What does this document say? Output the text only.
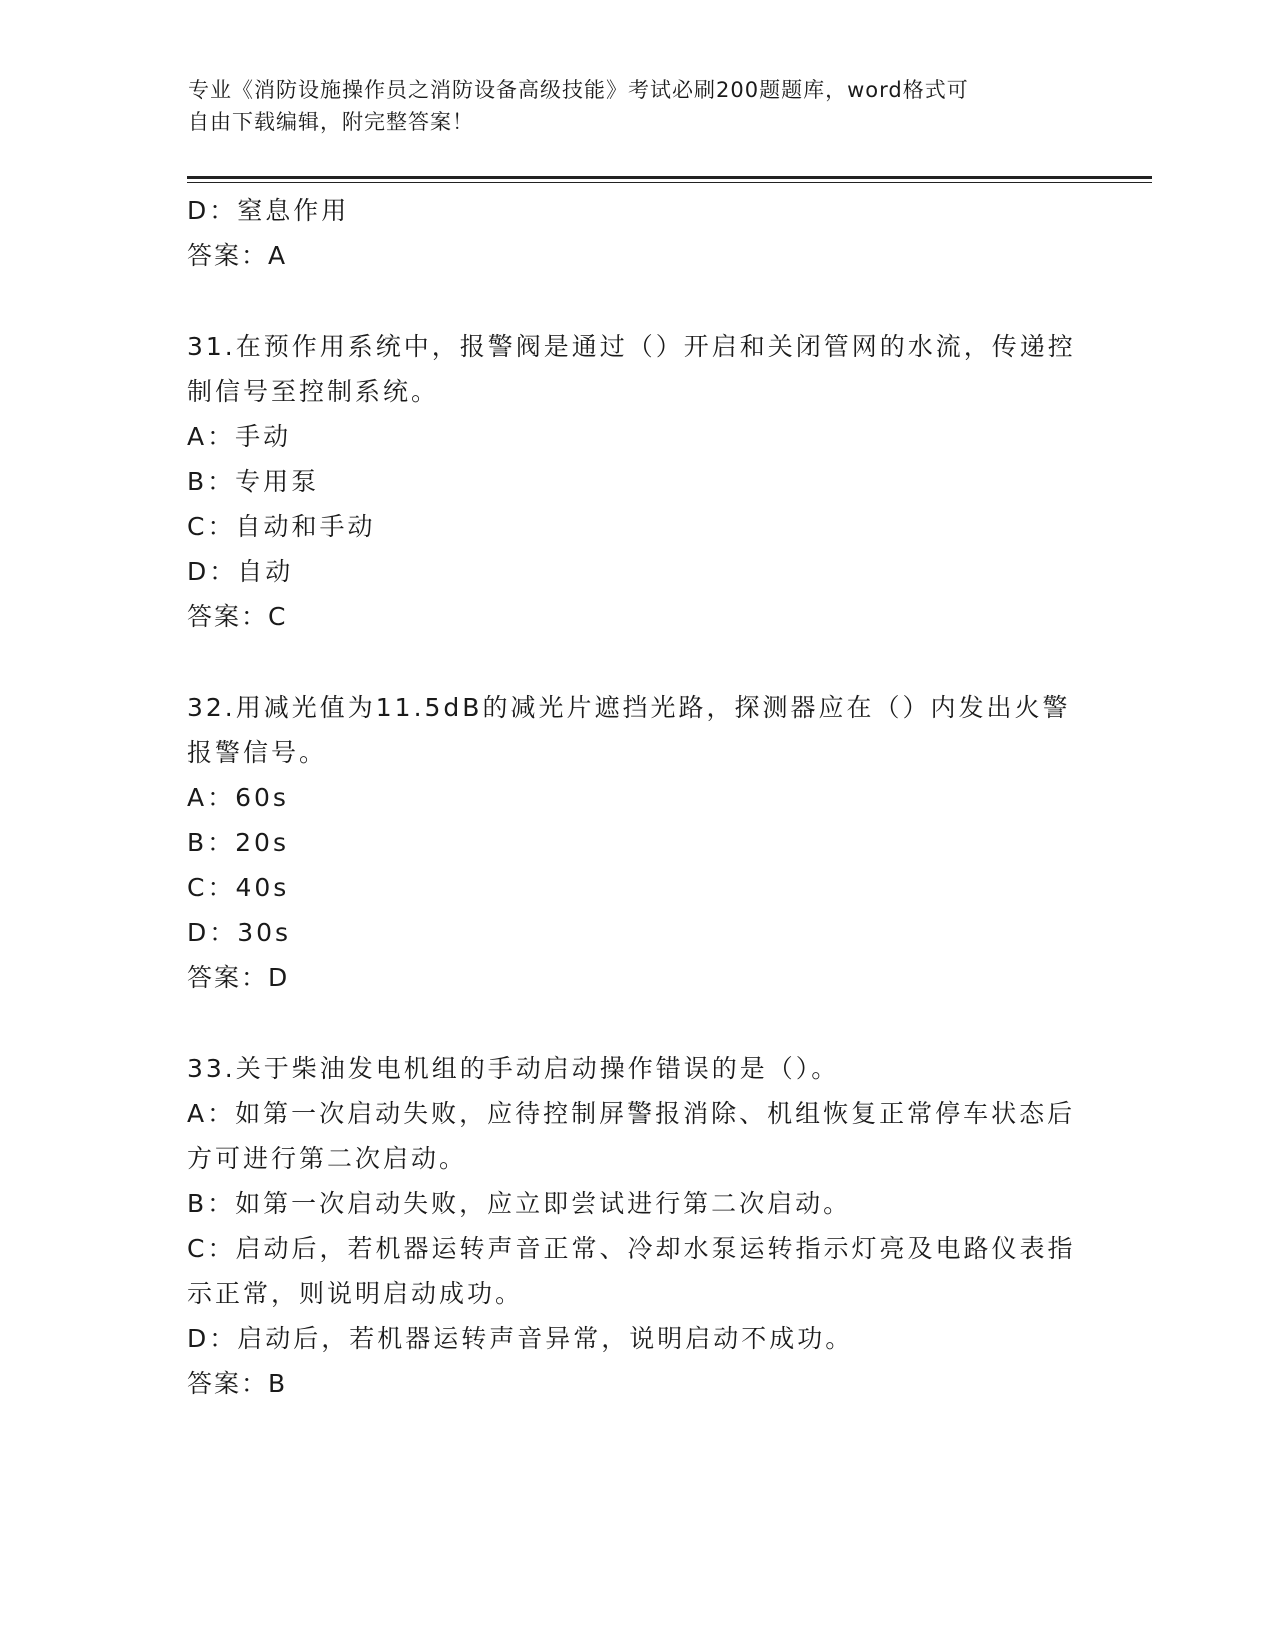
专业《消防设施操作员之消防设备高级技能》考试必刷200题题库，word格式可
自由下载编辑，附完整答案！
D：窒息作用
答案：A
31.在预作用系统中，报警阀是通过（）开启和关闭管网的水流，传递控制信号至控制系统。
A：手动
B：专用泵
C：自动和手动
D：自动
答案：C
32.用减光值为11.5dB的减光片遮挡光路，探测器应在（）内发出火警报警信号。
A：60s
B：20s
C：40s
D：30s
答案：D
33.关于柴油发电机组的手动启动操作错误的是（）。
A：如第一次启动失败，应待控制屏警报消除、机组恢复正常停车状态后方可进行第二次启动。
B：如第一次启动失败，应立即尝试进行第二次启动。
C：启动后，若机器运转声音正常、冷却水泵运转指示灯亮及电路仪表指示正常，则说明启动成功。
D：启动后，若机器运转声音异常，说明启动不成功。
答案：B
